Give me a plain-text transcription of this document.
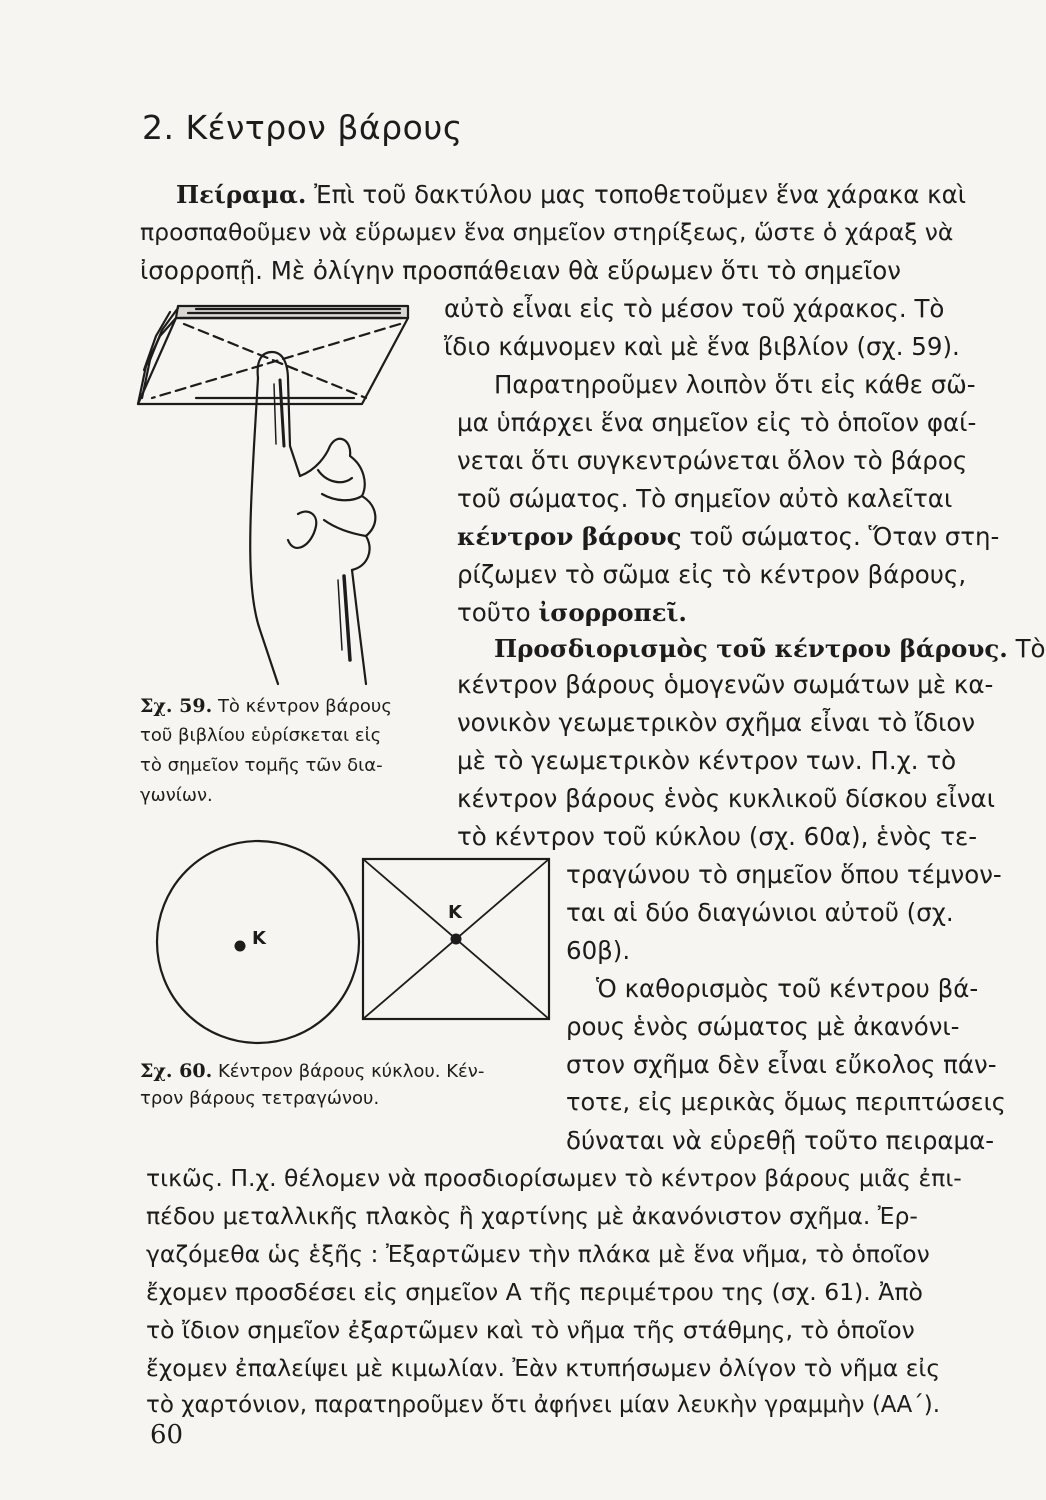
2. Κέντρον βάρους
Πείραμα. Ἐπὶ τοῦ δακτύλου μας τοποθετοῦμεν ἕνα χάρακα καὶ
προσπαθοῦμεν νὰ εὕρωμεν ἕνα σημεῖον στηρίξεως, ὥστε ὁ χάραξ νὰ
ἰσορροπῇ. Μὲ ὀλίγην προσπάθειαν θὰ εὕρωμεν ὅτι τὸ σημεῖον
αὐτὸ εἶναι εἰς τὸ μέσον τοῦ χάρακος. Τὸ
ἴδιο κάμνομεν καὶ μὲ ἕνα βιβλίον (σχ. 59).
Παρατηροῦμεν λοιπὸν ὅτι εἰς κάθε σῶ-
μα ὑπάρχει ἕνα σημεῖον εἰς τὸ ὁποῖον φαί-
νεται ὅτι συγκεντρώνεται ὅλον τὸ βάρος
τοῦ σώματος. Τὸ σημεῖον αὐτὸ καλεῖται
κέντρον βάρους τοῦ σώματος. Ὅταν στη-
ρίζωμεν τὸ σῶμα εἰς τὸ κέντρον βάρους,
τοῦτο ἰσορροπεῖ.
Προσδιορισμὸς τοῦ κέντρου βάρους. Τὸ
κέντρον βάρους ὁμογενῶν σωμάτων μὲ κα-
νονικὸν γεωμετρικὸν σχῆμα εἶναι τὸ ἴδιον
μὲ τὸ γεωμετρικὸν κέντρον των. Π.χ. τὸ
κέντρον βάρους ἑνὸς κυκλικοῦ δίσκου εἶναι
τὸ κέντρον τοῦ κύκλου (σχ. 60α), ἑνὸς τε-
τραγώνου τὸ σημεῖον ὅπου τέμνον-
ται αἱ δύο διαγώνιοι αὐτοῦ (σχ.
60β).
Ὁ καθορισμὸς τοῦ κέντρου βά-
ρους ἑνὸς σώματος μὲ ἀκανόνι-
στον σχῆμα δὲν εἶναι εὔκολος πάν-
τοτε, εἰς μερικὰς ὅμως περιπτώσεις
δύναται νὰ εὑρεθῇ τοῦτο πειραμα-
τικῶς. Π.χ. θέλομεν νὰ προσδιορίσωμεν τὸ κέντρον βάρους μιᾶς ἐπι-
πέδου μεταλλικῆς πλακὸς ἢ χαρτίνης μὲ ἀκανόνιστον σχῆμα. Ἐρ-
γαζόμεθα ὡς ἑξῆς : Ἐξαρτῶμεν τὴν πλάκα μὲ ἕνα νῆμα, τὸ ὁποῖον
ἔχομεν προσδέσει εἰς σημεῖον Α τῆς περιμέτρου της (σχ. 61). Ἀπὸ
τὸ ἴδιον σημεῖον ἐξαρτῶμεν καὶ τὸ νῆμα τῆς στάθμης, τὸ ὁποῖον
ἔχομεν ἐπαλείψει μὲ κιμωλίαν. Ἐὰν κτυπήσωμεν ὀλίγον τὸ νῆμα εἰς
τὸ χαρτόνιον, παρατηροῦμεν ὅτι ἀφήνει μίαν λευκὴν γραμμὴν (ΑΑ΄).
Σχ. 59. Τὸ κέντρον βάρους
τοῦ βιβλίου εὑρίσκεται εἰς
τὸ σημεῖον τομῆς τῶν δια-
γωνίων.
K
K
Σχ. 60. Κέντρον βάρους κύκλου. Κέν-
τρον βάρους τετραγώνου.
60
